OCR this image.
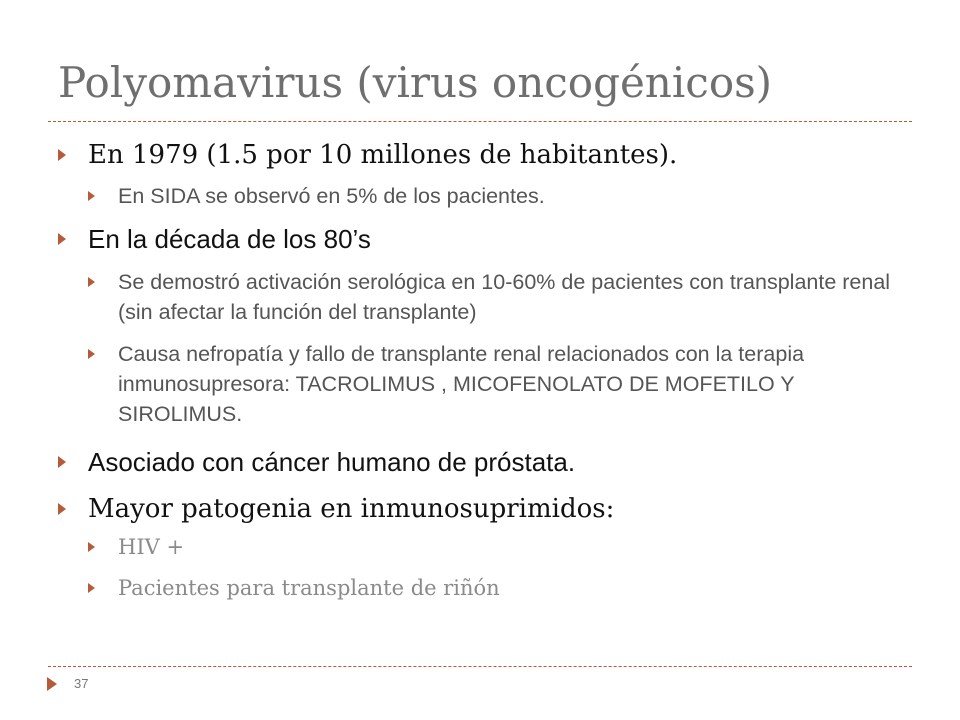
Polyomavirus (virus oncogénicos)
En 1979 (1.5 por 10 millones de habitantes).
En SIDA se observó en 5% de los pacientes.
En la década de los 80’s
Se demostró activación serológica en 10-60% de pacientes con transplante renal (sin afectar la función del transplante)
Causa nefropatía y fallo de transplante renal relacionados con la terapia inmunosupresora: TACROLIMUS , MICOFENOLATO DE MOFETILO Y SIROLIMUS.
Asociado con cáncer humano de próstata.
Mayor patogenia en inmunosuprimidos:
HIV +
Pacientes para transplante de riñón
37
